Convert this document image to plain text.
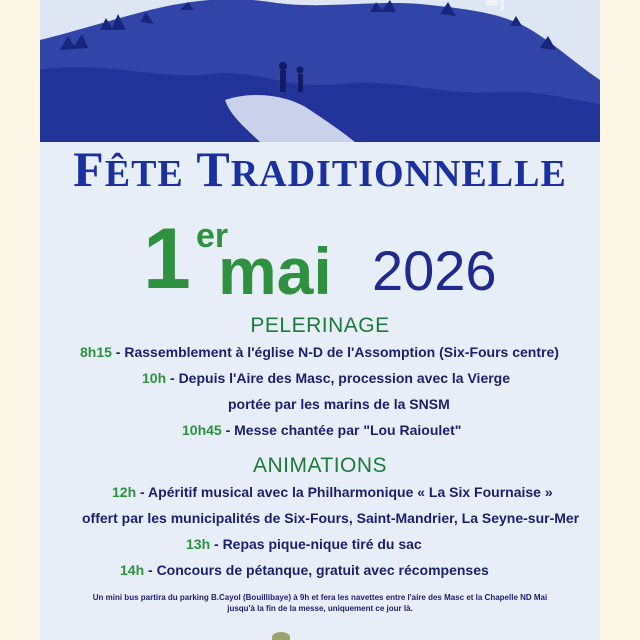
FÊTE TRADITIONNELLE
1 er
mai 2026
PELERINAGE
8h15 - Rassemblement à l'église N-D de l'Assomption (Six-Fours centre)
10h - Depuis l'Aire des Masc, procession avec la Vierge
portée par les marins de la SNSM
10h45 - Messe chantée par "Lou Raioulet"
ANIMATIONS
12h - Apéritif musical avec la Philharmonique « La Six Fournaise »
offert par les municipalités de Six-Fours, Saint-Mandrier, La Seyne-sur-Mer
13h - Repas pique-nique tiré du sac
14h - Concours de pétanque, gratuit avec récompenses
Un mini bus partira du parking B.Cayol (Bouillibaye) à 9h et fera les navettes entre l'aire des Masc et la Chapelle ND Mai
jusqu'à la fin de la messe, uniquement ce jour là.
